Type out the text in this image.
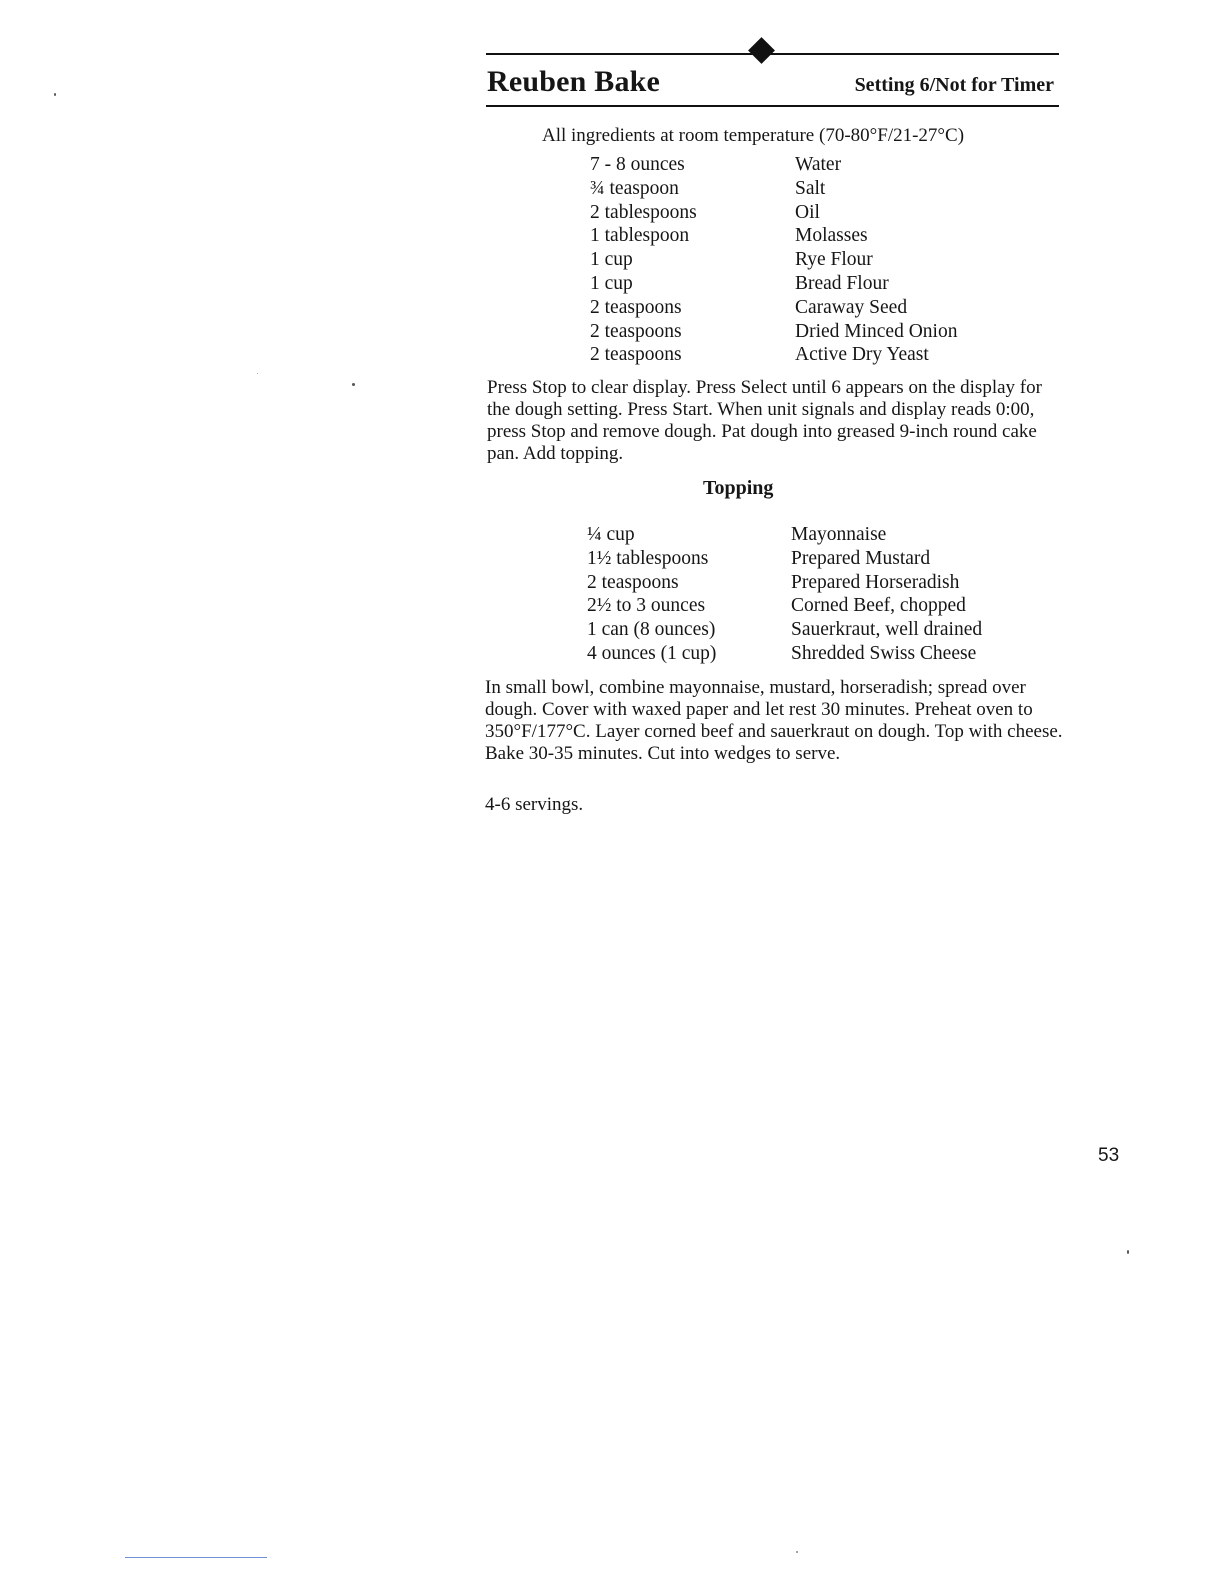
Reuben Bake	Setting 6/Not for Timer
All ingredients at room temperature (70-80°F/21-27°C)
7 - 8 ounces	Water
¾ teaspoon	Salt
2 tablespoons	Oil
1 tablespoon	Molasses
1 cup	Rye Flour
1 cup	Bread Flour
2 teaspoons	Caraway Seed
2 teaspoons	Dried Minced Onion
2 teaspoons	Active Dry Yeast

Press Stop to clear display. Press Select until 6 appears on the display for the dough setting. Press Start. When unit signals and display reads 0:00, press Stop and remove dough. Pat dough into greased 9-inch round cake pan. Add topping.

Topping
¼ cup	Mayonnaise
1½ tablespoons	Prepared Mustard
2 teaspoons	Prepared Horseradish
2½ to 3 ounces	Corned Beef, chopped
1 can (8 ounces)	Sauerkraut, well drained
4 ounces (1 cup)	Shredded Swiss Cheese

In small bowl, combine mayonnaise, mustard, horseradish; spread over dough. Cover with waxed paper and let rest 30 minutes. Preheat oven to 350°F/177°C. Layer corned beef and sauerkraut on dough. Top with cheese. Bake 30-35 minutes. Cut into wedges to serve.

4-6 servings.
53
